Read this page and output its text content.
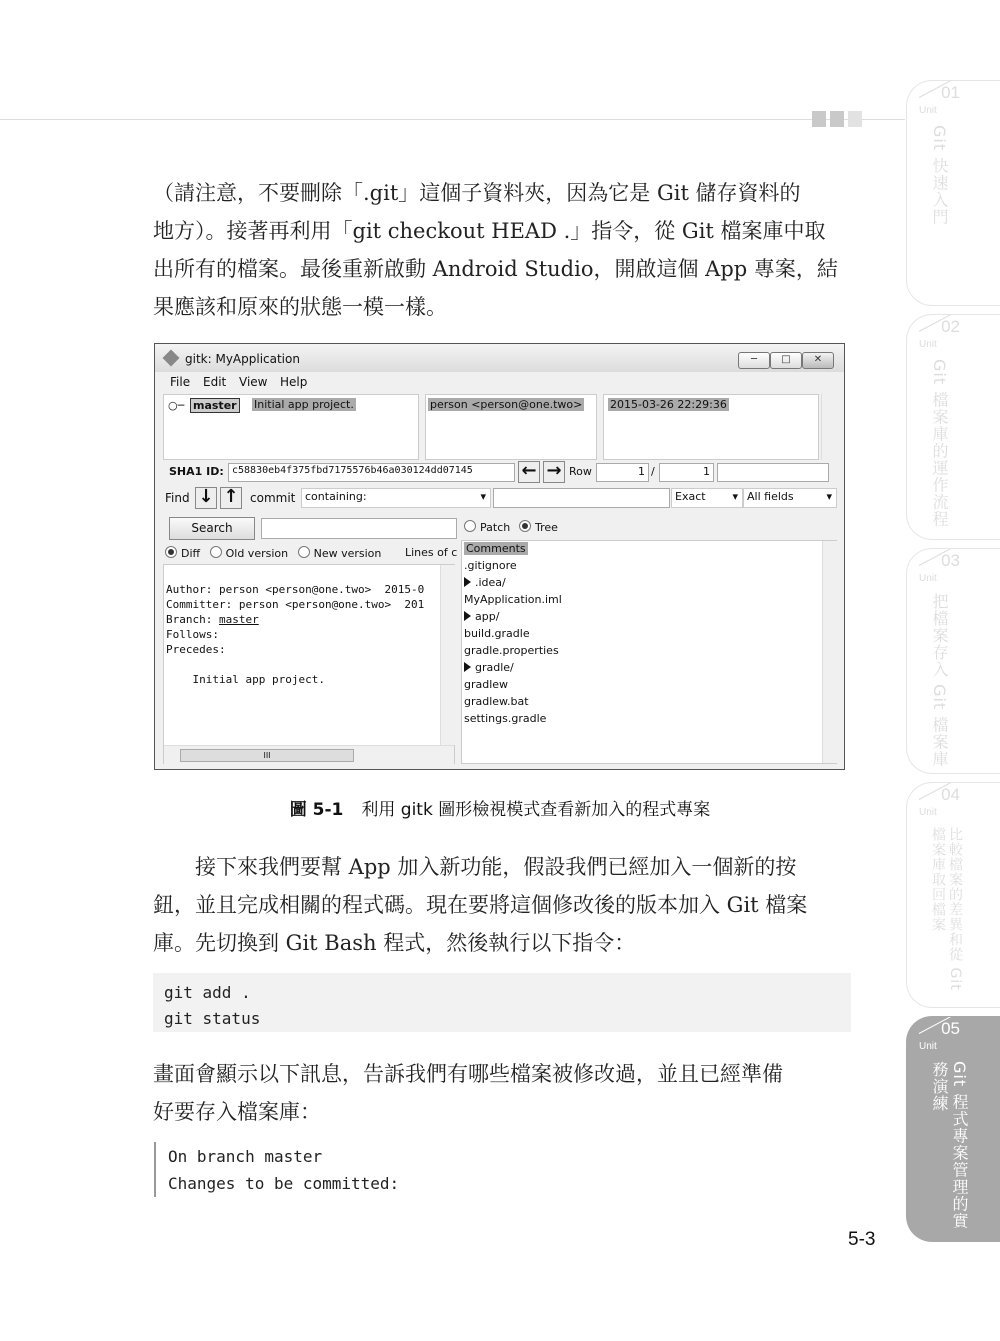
（請注意，不要刪除「.git」這個子資料夾，因為它是 Git 儲存資料的
地方）。接著再利用「git checkout HEAD .」指令，從 Git 檔案庫中取
出所有的檔案。最後重新啟動 Android Studio，開啟這個 App 專案，結
果應該和原來的狀態一模一樣。
gitk: MyApplication	─	□	✕
File Edit View Help
○─ master Initial app project.	person <person@one.two>	2015-03-26 22:29:36
SHA1 ID: c58830eb4f375fbd7175576b46a030124dd07145	← → Row	1 /	1
Find ↓ ↑ commit containing:	▾	Exact ▾ All fields	▾
Search	Patch	Tree
Diff Old version New version Lines of c

Author: person <person@one.two>  2015-0
Committer: person <person@one.two>  201
Branch: master
Follows:
Precedes:
Initial app project.

III
Comments
.gitignore
.idea/
MyApplication.iml
app/
build.gradle
gradle.properties
gradle/
gradlew
gradlew.bat
settings.gradle
圖 5-1 利用 gitk 圖形檢視模式查看新加入的程式專案
　　接下來我們要幫 App 加入新功能，假設我們已經加入一個新的按
鈕，並且完成相關的程式碼。現在要將這個修改後的版本加入 Git 檔案
庫。先切換到 Git Bash 程式，然後執行以下指令：
git add .
git status
畫面會顯示以下訊息，告訴我們有哪些檔案被修改過，並且已經準備
好要存入檔案庫：
On branch master
Changes to be committed:
5-3
01
Unit
Git 快速入門
02
Unit
Git 檔案庫的運作流程
03
Unit
把檔案存入 Git 檔案庫
04
Unit
比較檔案的差異和從 Git 檔案庫取回檔案
05
Unit
Git 程式專案管理的實務演練
